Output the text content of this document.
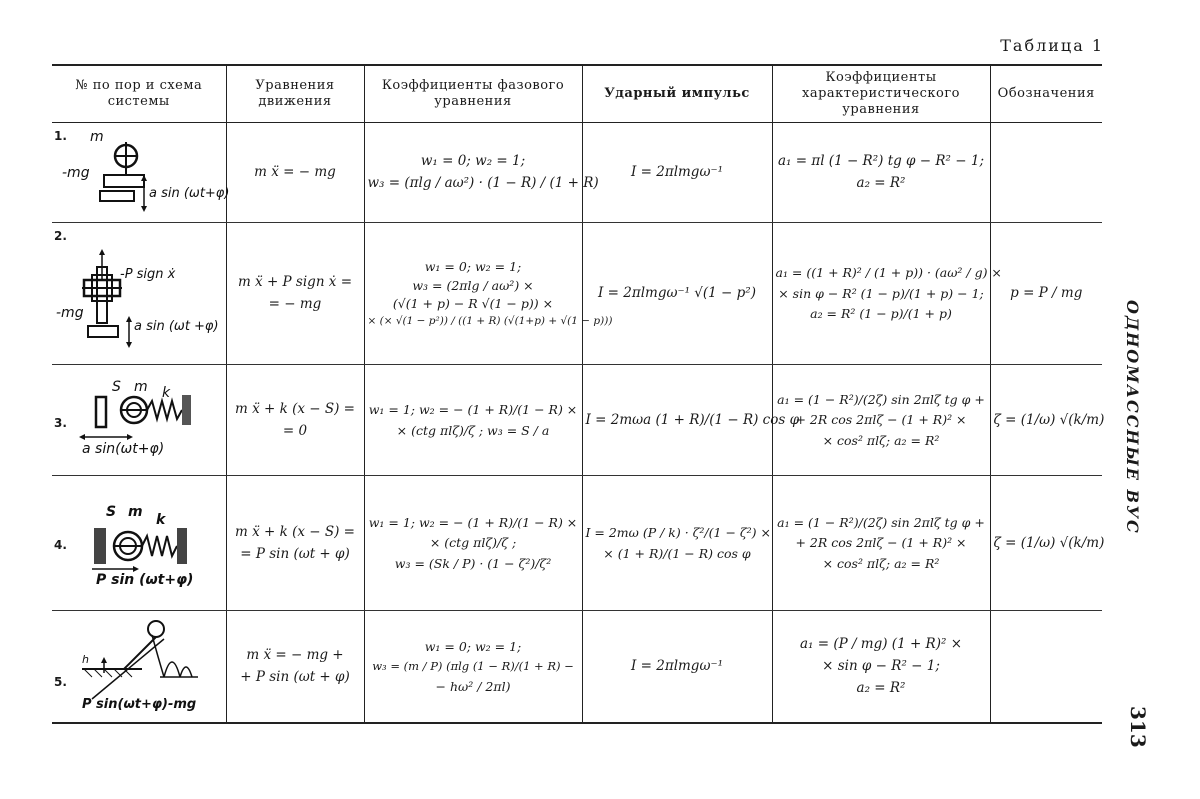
Таблица 1
ОДНОМАССНЫЕ ВУС
313
№ по пор и схема системы	Уравнения движения	Коэффициенты фазового уравнения	Ударный импульс	Коэффициенты характеристического уравнения	Обозначения

1. m
-mg
a sin (ωt+φ)	m ẍ = − mg	w₁ = 0; w₂ = 1;
w₃ = (πlg / aω²) · (1 − R) / (1 + R)	I = 2πlmgω⁻¹	a₁ = πl (1 − R²) tg φ − R² − 1;
a₂ = R²	

2.
-P sign ẋ
-mg
a sin (ωt +φ)	m ẍ + P sign ẋ =
= − mg	w₁ = 0; w₂ = 1;
w₃ = (2πlg / aω²) ×
(√(1 + p) − R √(1 − p)) ×
× (× √(1 − p²)) / ((1 + R) (√(1+p) + √(1 − p)))	I = 2πlmgω⁻¹ √(1 − p²)	a₁ = ((1 + R)² / (1 + p)) · (aω² / g) ×
× sin φ − R² (1 − p)/(1 + p) − 1;
a₂ = R² (1 − p)/(1 + p)	p = P / mg

3.
S m k
a sin(ωt+φ)	m ẍ + k (x − S) =
= 0	w₁ = 1; w₂ = − (1 + R)/(1 − R) ×
× (ctg πlζ)/ζ ; w₃ = S / a	I = 2mωa (1 + R)/(1 − R) cos φ	a₁ = (1 − R²)/(2ζ) sin 2πlζ tg φ +
+ 2R cos 2πlζ − (1 + R)² ×
× cos² πlζ; a₂ = R²	ζ = (1/ω) √(k/m)

4.
S m k
P sin (ωt+φ)	m ẍ + k (x − S) =
= P sin (ωt + φ)	w₁ = 1; w₂ = − (1 + R)/(1 − R) ×
× (ctg πlζ)/ζ ;
w₃ = (Sk / P) · (1 − ζ²)/ζ²	I = 2mω (P / k) · ζ²/(1 − ζ²) ×
× (1 + R)/(1 − R) cos φ	a₁ = (1 − R²)/(2ζ) sin 2πlζ tg φ +
+ 2R cos 2πlζ − (1 + R)² ×
× cos² πlζ; a₂ = R²	ζ = (1/ω) √(k/m)

5.
h
P sin(ωt+φ)-mg	m ẍ = − mg +
+ P sin (ωt + φ)	w₁ = 0; w₂ = 1;
w₃ = (m / P) (πlg (1 − R)/(1 + R) −
− hω² / 2πl)	I = 2πlmgω⁻¹	a₁ = (P / mg) (1 + R)² ×
× sin φ − R² − 1;
a₂ = R²	
